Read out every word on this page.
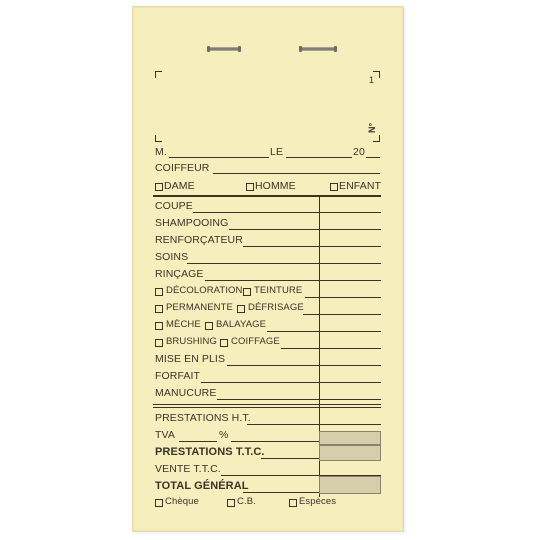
1
N°
M.	LE	20
COIFFEUR
DAME	HOMME	ENFANT
COUPE
SHAMPOOING
RENFORÇATEUR
SOINS
RINÇAGE
DÉCOLORATION TEINTURE
PERMANENTE DÉFRISAGE
MÈCHE BALAYAGE
BRUSHING COIFFAGE
MISE EN PLIS
FORFAIT
MANUCURE
PRESTATIONS H.T.
TVA	%
PRESTATIONS T.T.C.
VENTE T.T.C.
TOTAL GÉNÉRAL
Chèque	C.B.	Espèces
